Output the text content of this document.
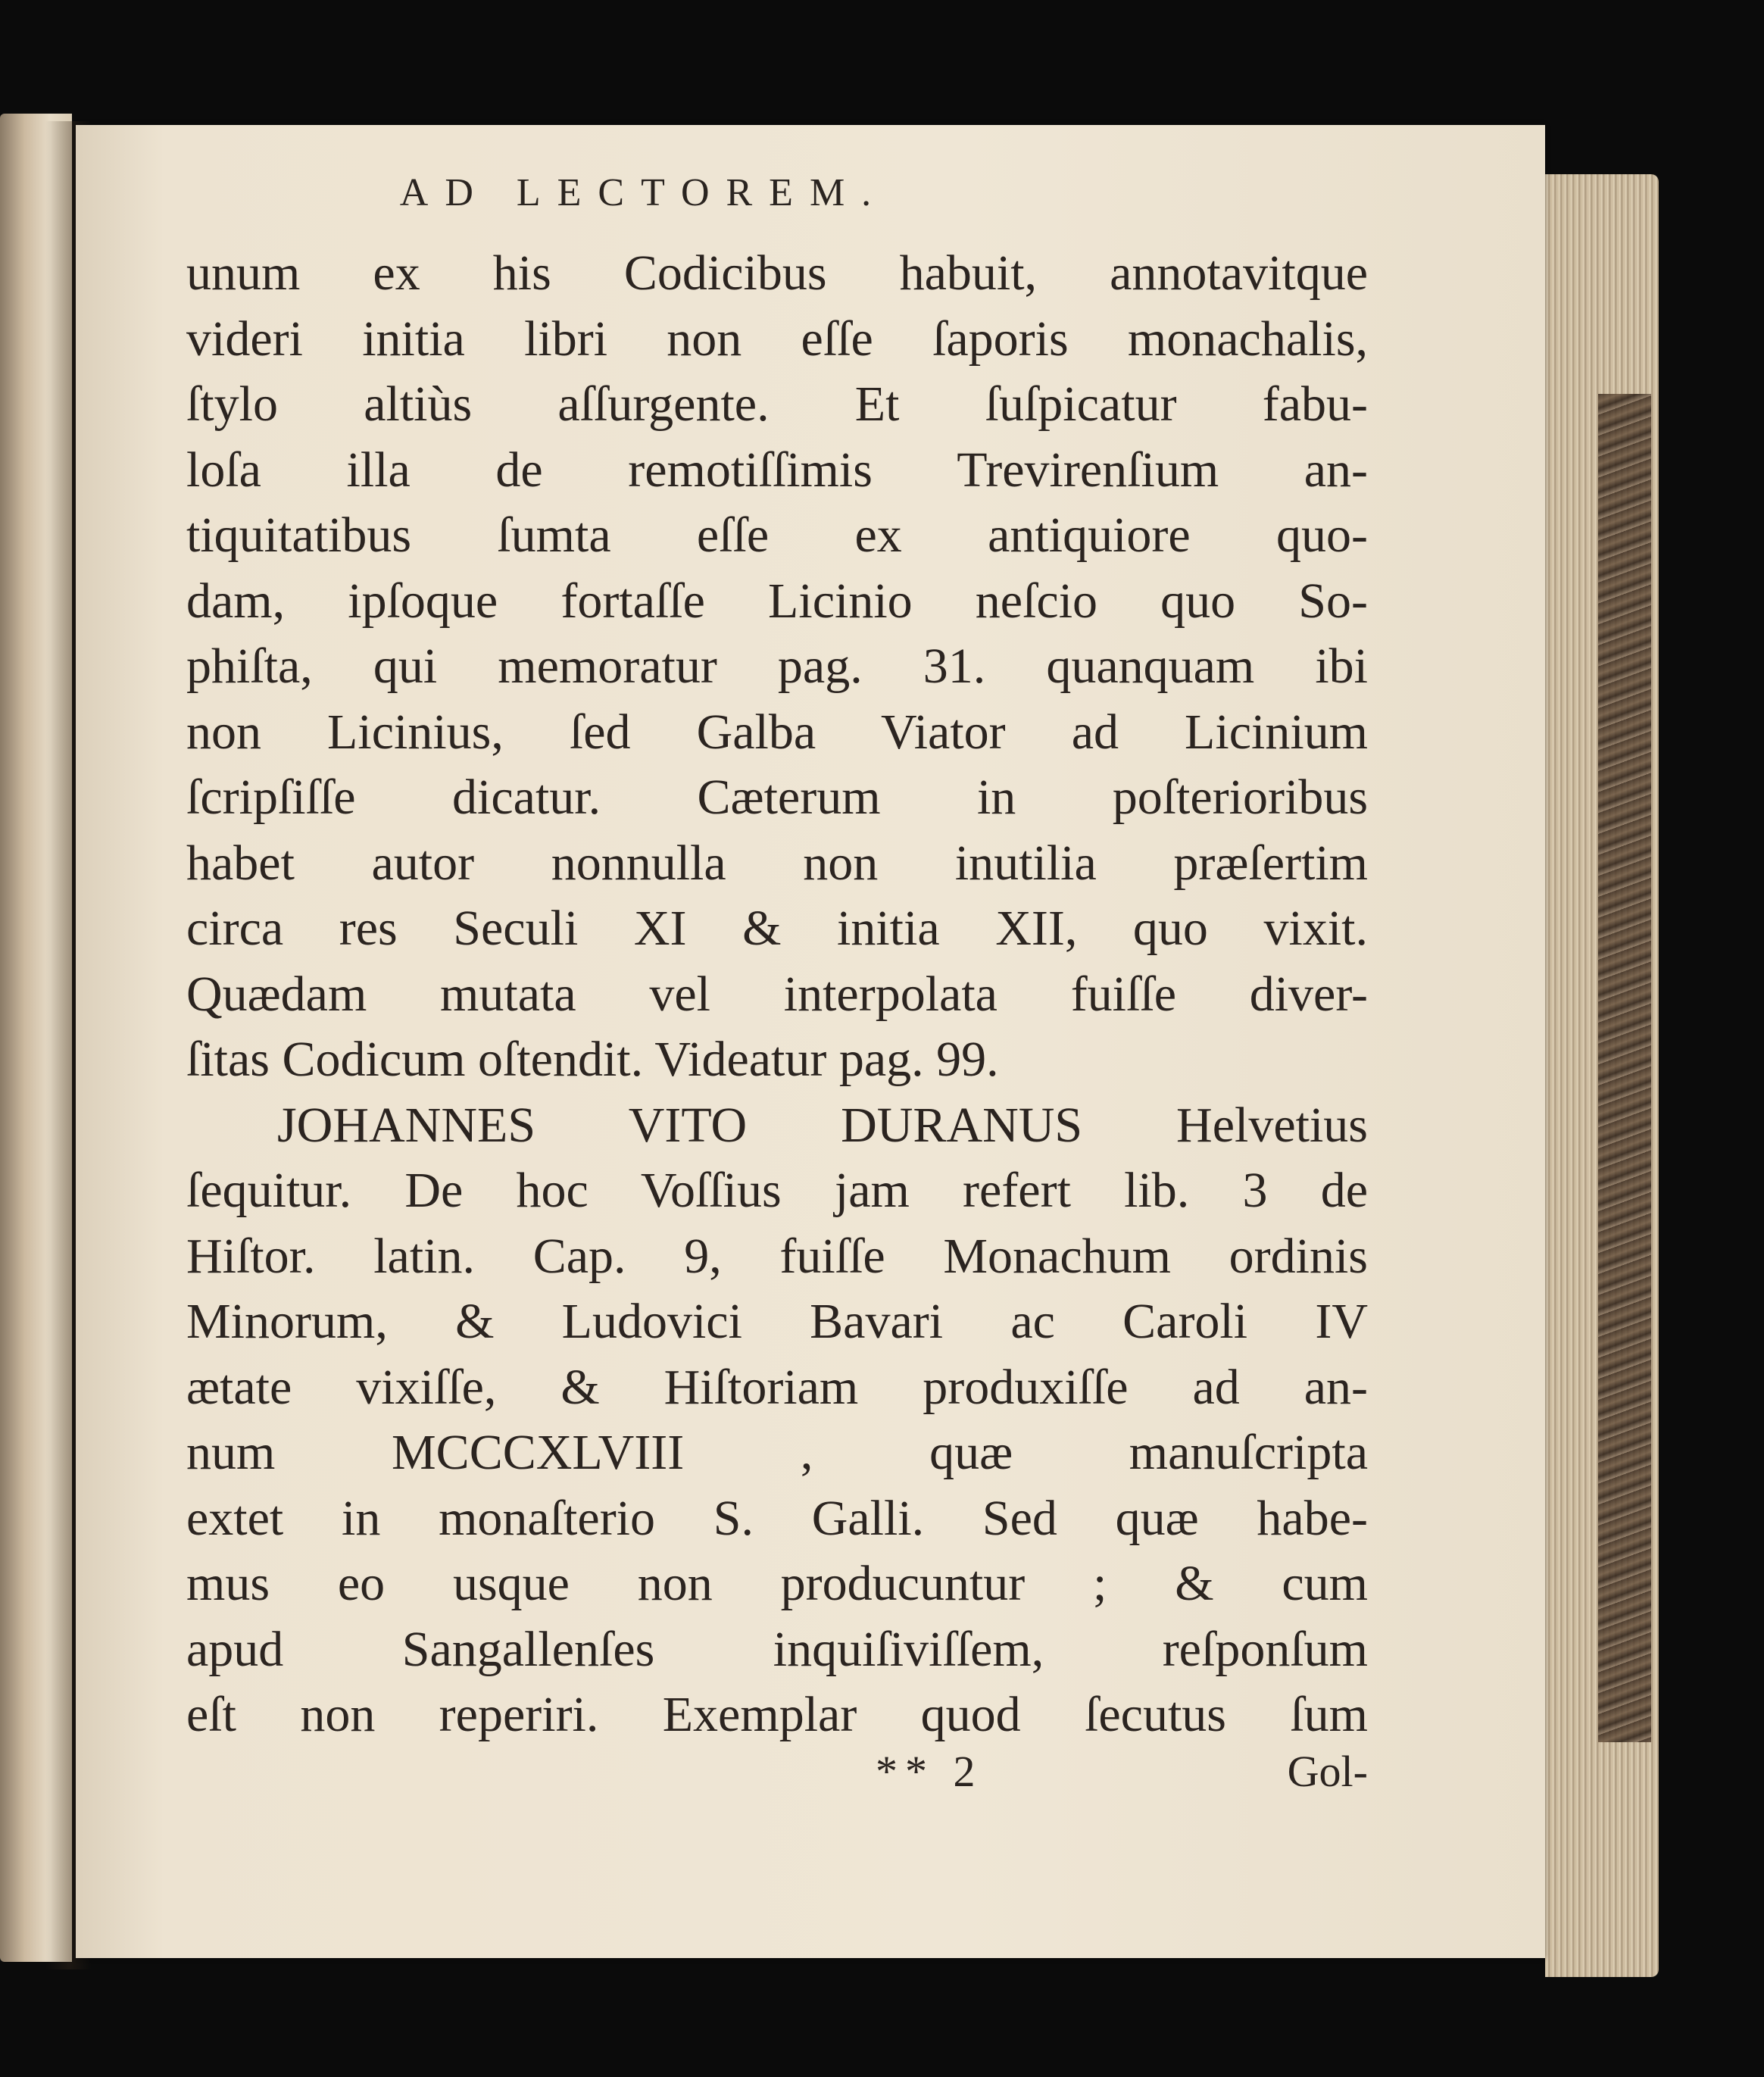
AD LECTOREM.
unum ex his Codicibus habuit, annotavitque
videri initia libri non eſſe ſaporis monachalis,
ſtylo altiùs aſſurgente. Et ſuſpicatur fabu-
loſa illa de remotiſſimis Trevirenſium an-
tiquitatibus ſumta eſſe ex antiquiore quo-
dam, ipſoque fortaſſe Licinio neſcio quo So-
phiſta, qui memoratur pag. 31. quanquam ibi
non Licinius, ſed Galba Viator ad Licinium
ſcripſiſſe dicatur. Cæterum in poſterioribus
habet autor nonnulla non inutilia præſertim
circa res Seculi XI & initia XII, quo vixit.
Quædam mutata vel interpolata fuiſſe diver-
ſitas Codicum oſtendit. Videatur pag. 99.
JOHANNES VITO DURANUS Helvetius
ſequitur. De hoc Voſſius jam refert lib. 3 de
Hiſtor. latin. Cap. 9, fuiſſe Monachum ordinis
Minorum, & Ludovici Bavari ac Caroli IV
ætate vixiſſe, & Hiſtoriam produxiſſe ad an-
num MCCCXLVIII , quæ manuſcripta
extet in monaſterio S. Galli. Sed quæ habe-
mus eo usque non producuntur ; & cum
apud Sangallenſes inquiſiviſſem, reſponſum
eſt non reperiri. Exemplar quod ſecutus ſum
** 2	Gol-
